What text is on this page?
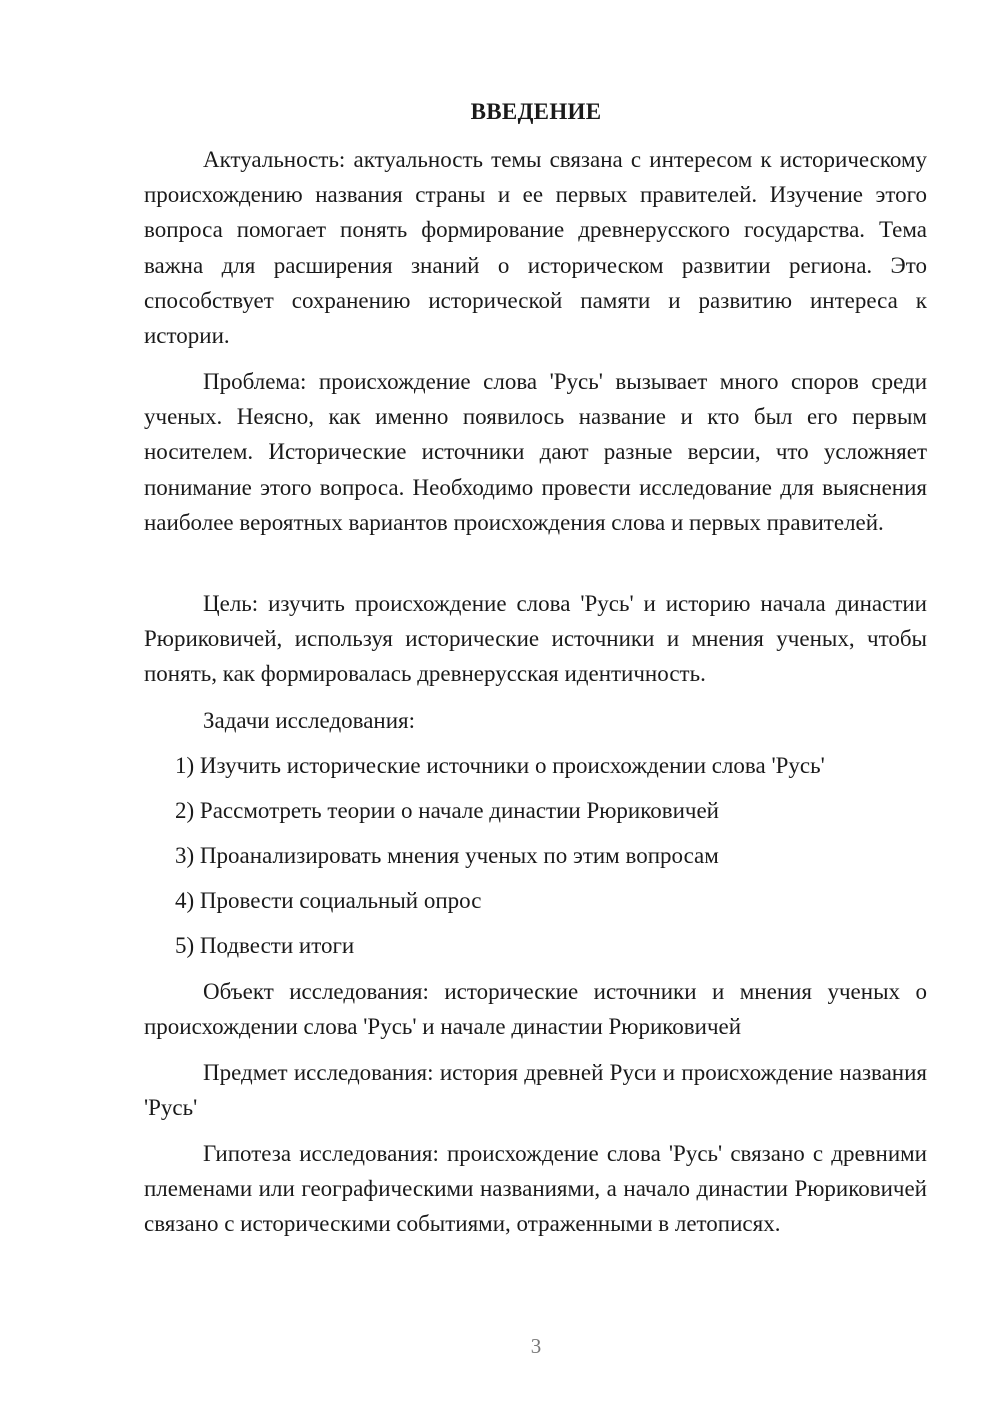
ВВЕДЕНИЕ

Актуальность: актуальность темы связана с интересом к историческому происхождению названия страны и ее первых правителей. Изучение этого вопроса помогает понять формирование древнерусского государства. Тема важна для расширения знаний о историческом развитии региона. Это способствует сохранению исторической памяти и развитию интереса к истории.

Проблема: происхождение слова 'Русь' вызывает много споров среди ученых. Неясно, как именно появилось название и кто был его первым носителем. Исторические источники дают разные версии, что усложняет понимание этого вопроса. Необходимо провести исследование для выяснения наиболее вероятных вариантов происхождения слова и первых правителей.

Цель: изучить происхождение слова 'Русь' и историю начала династии Рюриковичей, используя исторические источники и мнения ученых, чтобы понять, как формировалась древнерусская идентичность.

Задачи исследования:

1) Изучить исторические источники о происхождении слова 'Русь'

2) Рассмотреть теории о начале династии Рюриковичей

3) Проанализировать мнения ученых по этим вопросам

4) Провести социальный опрос

5) Подвести итоги

Объект исследования: исторические источники и мнения ученых о происхождении слова 'Русь' и начале династии Рюриковичей

Предмет исследования: история древней Руси и происхождение названия 'Русь'

Гипотеза исследования: происхождение слова 'Русь' связано с древними племенами или географическими названиями, а начало династии Рюриковичей связано с историческими событиями, отраженными в летописях.

3
